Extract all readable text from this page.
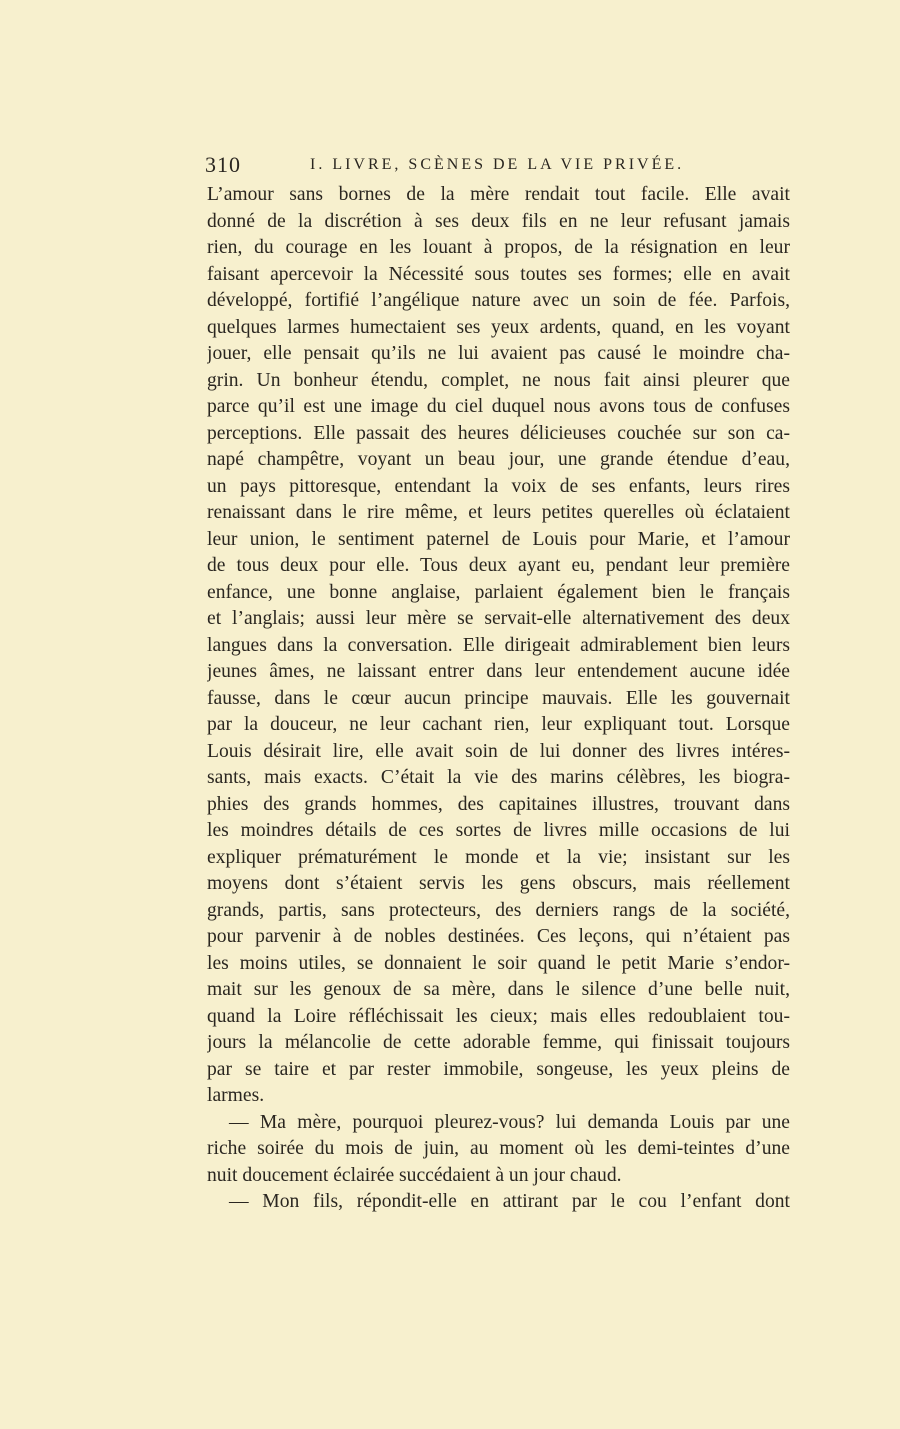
310	I. LIVRE, SCÈNES DE LA VIE PRIVÉE.
L’amour sans bornes de la mère rendait tout facile. Elle avait
donné de la discrétion à ses deux fils en ne leur refusant jamais
rien, du courage en les louant à propos, de la résignation en leur
faisant apercevoir la Nécessité sous toutes ses formes; elle en avait
développé, fortifié l’angélique nature avec un soin de fée. Parfois,
quelques larmes humectaient ses yeux ardents, quand, en les voyant
jouer, elle pensait qu’ils ne lui avaient pas causé le moindre cha-
grin. Un bonheur étendu, complet, ne nous fait ainsi pleurer que
parce qu’il est une image du ciel duquel nous avons tous de confuses
perceptions. Elle passait des heures délicieuses couchée sur son ca-
napé champêtre, voyant un beau jour, une grande étendue d’eau,
un pays pittoresque, entendant la voix de ses enfants, leurs rires
renaissant dans le rire même, et leurs petites querelles où éclataient
leur union, le sentiment paternel de Louis pour Marie, et l’amour
de tous deux pour elle. Tous deux ayant eu, pendant leur première
enfance, une bonne anglaise, parlaient également bien le français
et l’anglais; aussi leur mère se servait-elle alternativement des deux
langues dans la conversation. Elle dirigeait admirablement bien leurs
jeunes âmes, ne laissant entrer dans leur entendement aucune idée
fausse, dans le cœur aucun principe mauvais. Elle les gouvernait
par la douceur, ne leur cachant rien, leur expliquant tout. Lorsque
Louis désirait lire, elle avait soin de lui donner des livres intéres-
sants, mais exacts. C’était la vie des marins célèbres, les biogra-
phies des grands hommes, des capitaines illustres, trouvant dans
les moindres détails de ces sortes de livres mille occasions de lui
expliquer prématurément le monde et la vie; insistant sur les
moyens dont s’étaient servis les gens obscurs, mais réellement
grands, partis, sans protecteurs, des derniers rangs de la société,
pour parvenir à de nobles destinées. Ces leçons, qui n’étaient pas
les moins utiles, se donnaient le soir quand le petit Marie s’endor-
mait sur les genoux de sa mère, dans le silence d’une belle nuit,
quand la Loire réfléchissait les cieux; mais elles redoublaient tou-
jours la mélancolie de cette adorable femme, qui finissait toujours
par se taire et par rester immobile, songeuse, les yeux pleins de
larmes.
— Ma mère, pourquoi pleurez-vous? lui demanda Louis par une
riche soirée du mois de juin, au moment où les demi-teintes d’une
nuit doucement éclairée succédaient à un jour chaud.
— Mon fils, répondit-elle en attirant par le cou l’enfant dont
